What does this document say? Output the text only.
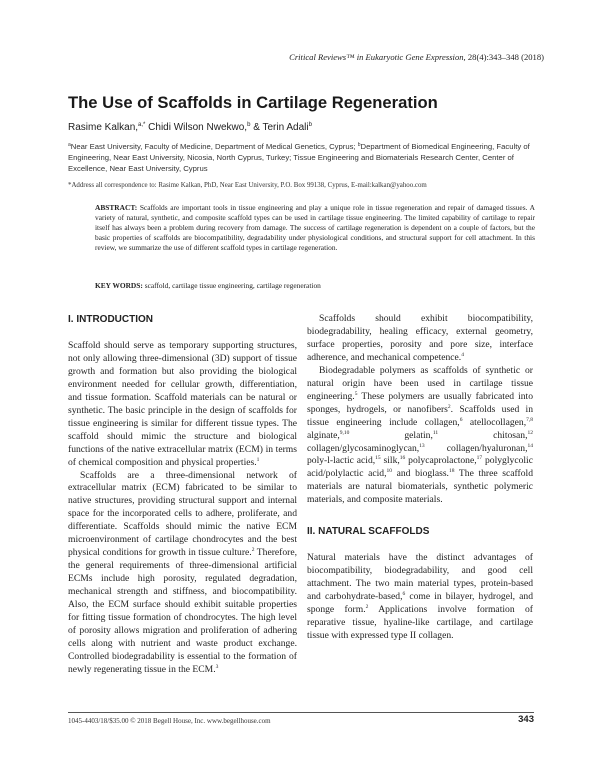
Critical Reviews™ in Eukaryotic Gene Expression, 28(4):343–348 (2018)
The Use of Scaffolds in Cartilage Regeneration
Rasime Kalkan,$^{a,*}$ Chidi Wilson Nwekwo,$^b$ & Terin Adali$^b$
$^a$Near East University, Faculty of Medicine, Department of Medical Genetics, Cyprus; $^b$Department of Biomedical Engineering, Faculty of Engineering, Near East University, Nicosia, North Cyprus, Turkey; Tissue Engineering and Biomaterials Research Center, Center of Excellence, Near East University, Cyprus
*Address all correspondence to: Rasime Kalkan, PhD, Near East University, P.O. Box 99138, Cyprus, E-mail:kalkan@yahoo.com
ABSTRACT: Scaffolds are important tools in tissue engineering and play a unique role in tissue regeneration and repair of damaged tissues. A variety of natural, synthetic, and composite scaffold types can be used in cartilage tissue engineering. The limited capability of cartilage to repair itself has always been a problem during recovery from damage. The success of cartilage regeneration is dependent on a couple of factors, but the basic properties of scaffolds are biocompatibility, degradability under physiological conditions, and structural support for cell attachment. In this review, we summarize the use of different scaffold types in cartilage regeneration.
KEY WORDS: scaffold, cartilage tissue engineering, cartilage regeneration
I. INTRODUCTION

Scaffold should serve as temporary supporting structures, not only allowing three-dimensional (3D) support of tissue growth and formation but also providing the biological environment needed for cellular growth, differentiation, and tissue formation. Scaffold materials can be natural or synthetic. The basic principle in the design of scaffolds for tissue engineering is similar for different tissue types. The scaffold should mimic the structure and biological functions of the native extracellular matrix (ECM) in terms of chemical composition and physical properties.$^1$

Scaffolds are a three-dimensional network of extracellular matrix (ECM) fabricated to be similar to native structures, providing structural support and internal space for the incorporated cells to adhere, proliferate, and differentiate. Scaffolds should mimic the native ECM microenvironment of cartilage chondrocytes and the best physical conditions for growth in tissue culture.$^2$ Therefore, the general requirements of three-dimensional artificial ECMs include high porosity, regulated degradation, mechanical strength and stiffness, and biocompatibility. Also, the ECM surface should exhibit suitable properties for fitting tissue formation of chondrocytes. The high level of porosity allows migration and proliferation of adhering cells along with nutrient and waste product exchange. Controlled biodegradability is essential to the formation of newly regenerating tissue in the ECM.$^3$

Scaffolds should exhibit biocompatibility, biodegradability, healing efficacy, external geometry, surface properties, porosity and pore size, interface adherence, and mechanical competence.$^4$

Biodegradable polymers as scaffolds of synthetic or natural origin have been used in cartilage tissue engineering.$^5$ These polymers are usually fabricated into sponges, hydrogels, or nanofibers$^2$. Scaffolds used in tissue engineering include collagen,$^6$ atellocollagen,$^{7,8}$ alginate,$^{9,10}$	gelatin,$^{11}$	chitosan,$^{12}$ collagen/glycosaminoglycan,$^{13}$ collagen/hyaluronan,$^{14}$ poly-l-lactic acid,$^{15}$ silk,$^{16}$ polycaprolactone,$^{17}$ polyglycolic acid/polylactic acid,$^{10}$ and bioglass.$^{18}$ The three scaffold materials are natural biomaterials, synthetic polymeric materials, and composite materials.

II. NATURAL SCAFFOLDS

Natural materials have the distinct advantages of biocompatibility, biodegradability, and good cell attachment. The two main material types, protein-based and carbohydrate-based,$^6$ come in bilayer, hydrogel, and sponge form.$^2$ Applications involve formation of reparative tissue, hyaline-like cartilage, and cartilage tissue with expressed type II collagen.

1045-4403/18/$35.00 © 2018 Begell House, Inc. www.begellhouse.com	343
